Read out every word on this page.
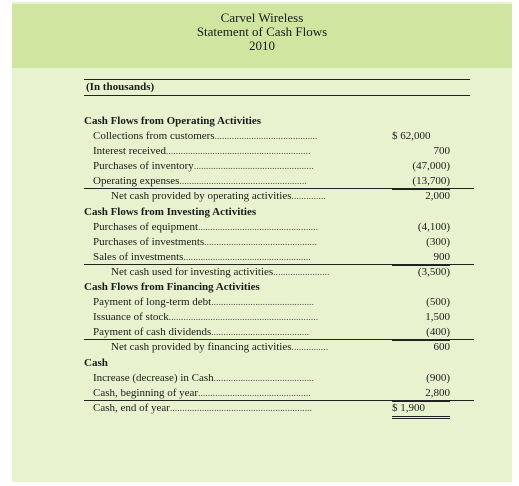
Carvel Wireless
Statement of Cash Flows
2010
(In thousands)
Cash Flows from Operating Activities
Collections from customers..........................................	$ 62,000
Interest received...........................................................	700
Purchases of inventory.................................................	(47,000)
Operating expenses....................................................	(13,700)
Net cash provided by operating activities..............	2,000
Cash Flows from Investing Activities
Purchases of equipment.................................................	(4,100)
Purchases of investments..............................................	(300)
Sales of investments....................................................	900
Net cash used for investing activities.......................	(3,500)
Cash Flows from Financing Activities
Payment of long-term debt..........................................	(500)
Issuance of stock.............................................................	1,500
Payment of cash dividends........................................	(400)
Net cash provided by financing activities...............	600
Cash
Increase (decrease) in Cash.........................................	(900)
Cash, beginning of year..............................................	2,800
Cash, end of year..........................................................	$ 1,900
